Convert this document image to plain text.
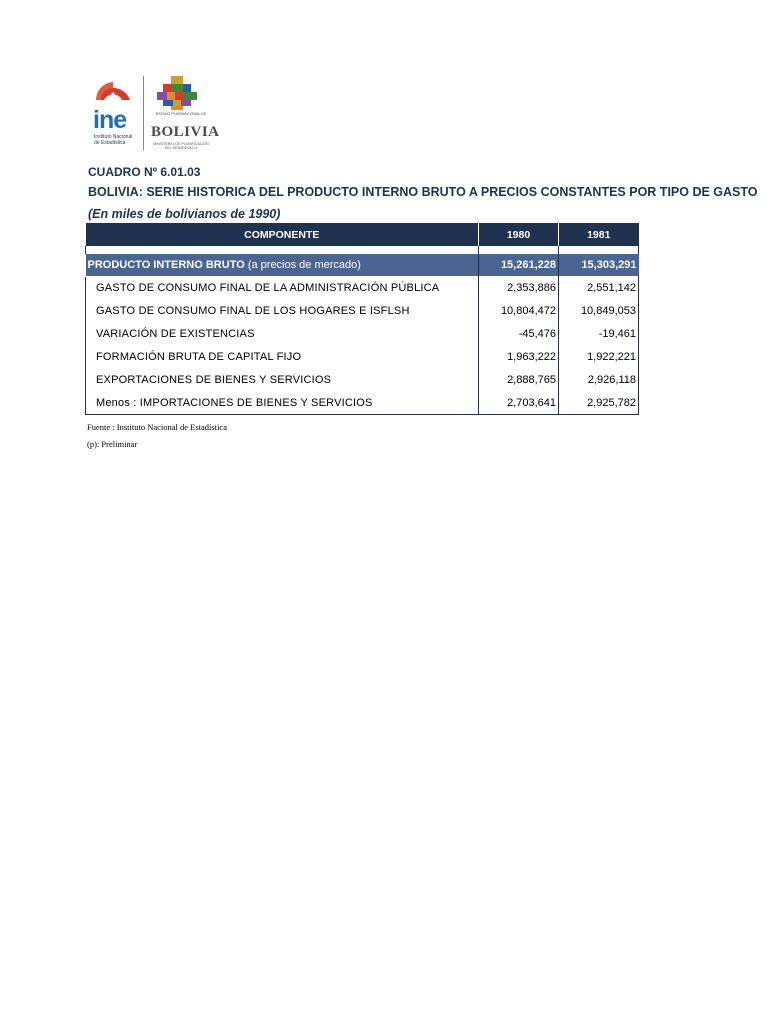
ine
Instituto Nacional de Estadística
ESTADO PLURINACIONAL DE
BOLIVIA
MINISTERIO DE PLANIFICACIÓN DEL DESARROLLO
CUADRO Nº 6.01.03
BOLIVIA: SERIE HISTORICA DEL PRODUCTO INTERNO BRUTO A PRECIOS CONSTANTES POR TIPO DE GASTO
(En miles de bolivianos de 1990)
COMPONENTE	1980	1981

PRODUCTO INTERNO BRUTO (a precios de mercado)	15,261,228	15,303,291
GASTO DE CONSUMO FINAL DE LA ADMINISTRACIÓN PÚBLICA	2,353,886	2,551,142
GASTO DE CONSUMO FINAL DE LOS HOGARES E ISFLSH	10,804,472	10,849,053
VARIACIÓN DE EXISTENCIAS	-45,476	-19,461
FORMACIÓN BRUTA DE CAPITAL FIJO	1,963,222	1,922,221
EXPORTACIONES DE BIENES Y SERVICIOS	2,888,765	2,926,118
Menos : IMPORTACIONES DE BIENES Y SERVICIOS	2,703,641	2,925,782
Fuente : Instituto Nacional de Estadística
(p): Preliminar
